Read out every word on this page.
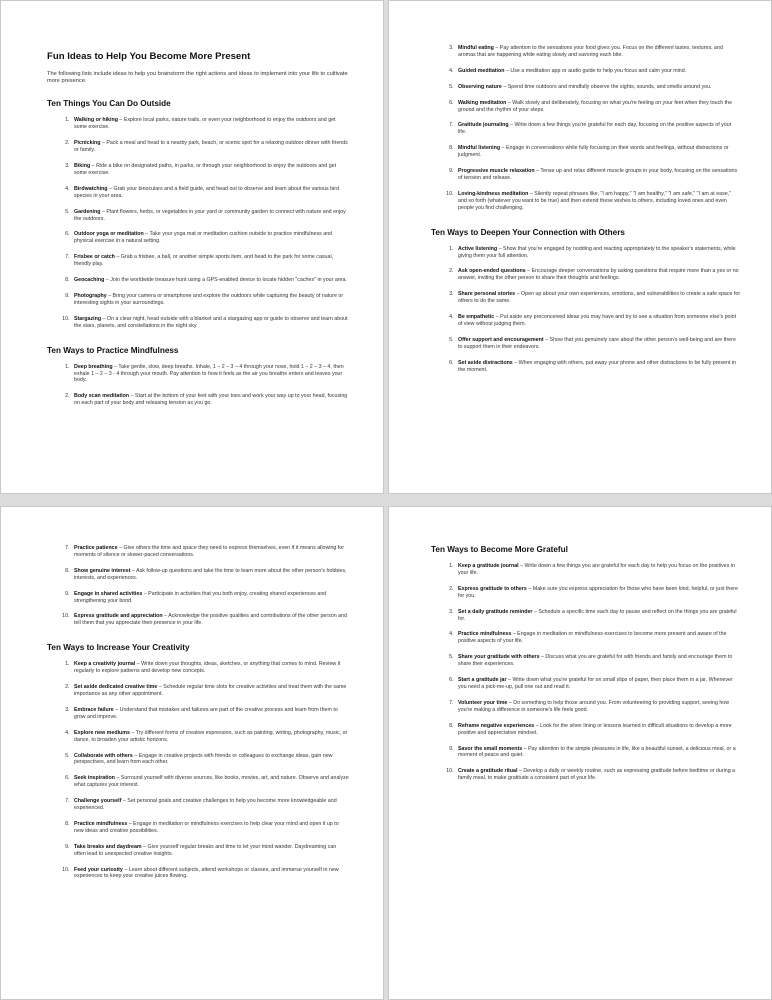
Fun Ideas to Help You Become More Present

The following lists include ideas to help you brainstorm the right actions and ideas to implement into your life to cultivate more presence.

Ten Things You Can Do Outside
1. Walking or hiking – Explore local parks, nature trails, or even your neighborhood to enjoy the outdoors and get some exercise.
2. Picnicking – Pack a meal and head to a nearby park, beach, or scenic spot for a relaxing outdoor dinner with friends or family.
3. Biking – Ride a bike on designated paths, in parks, or through your neighborhood to enjoy the outdoors and get some exercise.
4. Birdwatching – Grab your binoculars and a field guide, and head out to observe and learn about the various bird species in your area.
5. Gardening – Plant flowers, herbs, or vegetables in your yard or community garden to connect with nature and enjoy the outdoors.
6. Outdoor yoga or meditation – Take your yoga mat or meditation cushion outside to practice mindfulness and physical exercise in a natural setting.
7. Frisbee or catch – Grab a frisbee, a ball, or another simple sports item, and head to the park for some casual, friendly play.
8. Geocaching – Join the worldwide treasure hunt using a GPS-enabled device to locate hidden "caches" in your area.
9. Photography – Bring your camera or smartphone and explore the outdoors while capturing the beauty of nature or interesting sights in your surroundings.
10. Stargazing – On a clear night, head outside with a blanket and a stargazing app or guide to observe and learn about the stars, planets, and constellations in the night sky.
Ten Ways to Practice Mindfulness
1. Deep breathing – Take gentle, slow, deep breaths. Inhale, 1 – 2 – 3 – 4 through your nose, hold 1 – 2 – 3 – 4, then exhale 1 – 2 – 3 - 4 through your mouth. Pay attention to how it feels as the air you breathe enters and leaves your body.
2. Body scan meditation – Start at the bottom of your feet with your toes and work your way up to your head, focusing on each part of your body and releasing tension as you go.
3. Mindful eating – Pay attention to the sensations your food gives you. Focus on the different tastes, textures, and aromas that are happening while eating slowly and savoring each bite.
4. Guided meditation – Use a meditation app or audio guide to help you focus and calm your mind.
5. Observing nature – Spend time outdoors and mindfully observe the sights, sounds, and smells around you.
6. Walking meditation – Walk slowly and deliberately, focusing on what you're feeling on your feet when they touch the ground and the rhythm of your steps.
7. Gratitude journaling – Write down a few things you're grateful for each day, focusing on the positive aspects of your life.
8. Mindful listening – Engage in conversations while fully focusing on their words and feelings, without distractions or judgment.
9. Progressive muscle relaxation – Tense up and relax different muscle groups in your body, focusing on the sensations of tension and release.
10. Loving-kindness meditation – Silently repeat phrases like, "I am happy," "I am healthy," "I am safe," "I am at ease," and so forth (whatever you want to be true) and then extend these wishes to others, including loved ones and even people you find challenging.
Ten Ways to Deepen Your Connection with Others
1. Active listening – Show that you're engaged by nodding and reacting appropriately to the speaker's statements, while giving them your full attention.
2. Ask open-ended questions – Encourage deeper conversations by asking questions that require more than a yes or no answer, inviting the other person to share their thoughts and feelings.
3. Share personal stories – Open up about your own experiences, emotions, and vulnerabilities to create a safe space for others to do the same.
4. Be empathetic – Put aside any preconceived ideas you may have and try to see a situation from someone else's point of view without judging them.
5. Offer support and encouragement – Show that you genuinely care about the other person's well-being and are there to support them in their endeavors.
6. Set aside distractions – When engaging with others, put away your phone and other distractions to be fully present in the moment.
7. Practice patience – Give others the time and space they need to express themselves, even if it means allowing for moments of silence or slower-paced conversations.
8. Show genuine interest – Ask follow-up questions and take the time to learn more about the other person's hobbies, interests, and experiences.
9. Engage in shared activities – Participate in activities that you both enjoy, creating shared experiences and strengthening your bond.
10. Express gratitude and appreciation – Acknowledge the positive qualities and contributions of the other person and tell them that you appreciate their presence in your life.
Ten Ways to Increase Your Creativity
1. Keep a creativity journal – Write down your thoughts, ideas, sketches, or anything that comes to mind. Review it regularly to explore patterns and develop new concepts.
2. Set aside dedicated creative time – Schedule regular time slots for creative activities and treat them with the same importance as any other appointment.
3. Embrace failure – Understand that mistakes and failures are part of the creative process and learn from them to grow and improve.
4. Explore new mediums – Try different forms of creative expression, such as painting, writing, photography, music, or dance, to broaden your artistic horizons.
5. Collaborate with others – Engage in creative projects with friends or colleagues to exchange ideas, gain new perspectives, and learn from each other.
6. Seek inspiration – Surround yourself with diverse sources, like books, movies, art, and nature. Observe and analyze what captures your interest.
7. Challenge yourself – Set personal goals and creative challenges to help you become more knowledgeable and experienced.
8. Practice mindfulness – Engage in meditation or mindfulness exercises to help clear your mind and open it up to new ideas and creative possibilities.
9. Take breaks and daydream – Give yourself regular breaks and time to let your mind wander. Daydreaming can often lead to unexpected creative insights.
10. Feed your curiosity – Learn about different subjects, attend workshops or classes, and immerse yourself in new experiences to keep your creative juices flowing.
Ten Ways to Become More Grateful
1. Keep a gratitude journal – Write down a few things you are grateful for each day to help you focus on the positives in your life.
2. Express gratitude to others – Make sure you express appreciation for those who have been kind, helpful, or just there for you.
3. Set a daily gratitude reminder – Schedule a specific time each day to pause and reflect on the things you are grateful for.
4. Practice mindfulness – Engage in meditation or mindfulness exercises to become more present and aware of the positive aspects of your life.
5. Share your gratitude with others – Discuss what you are grateful for with friends and family and encourage them to share their experiences.
6. Start a gratitude jar – Write down what you're grateful for on small slips of paper, then place them in a jar. Whenever you need a pick-me-up, pull one out and read it.
7. Volunteer your time – Do something to help those around you. From volunteering to providing support, seeing how you're making a difference in someone's life feels good.
8. Reframe negative experiences – Look for the silver lining or lessons learned in difficult situations to develop a more positive and appreciative mindset.
9. Savor the small moments – Pay attention to the simple pleasures in life, like a beautiful sunset, a delicious meal, or a moment of peace and quiet.
10. Create a gratitude ritual – Develop a daily or weekly routine, such as expressing gratitude before bedtime or during a family meal, to make gratitude a consistent part of your life.
